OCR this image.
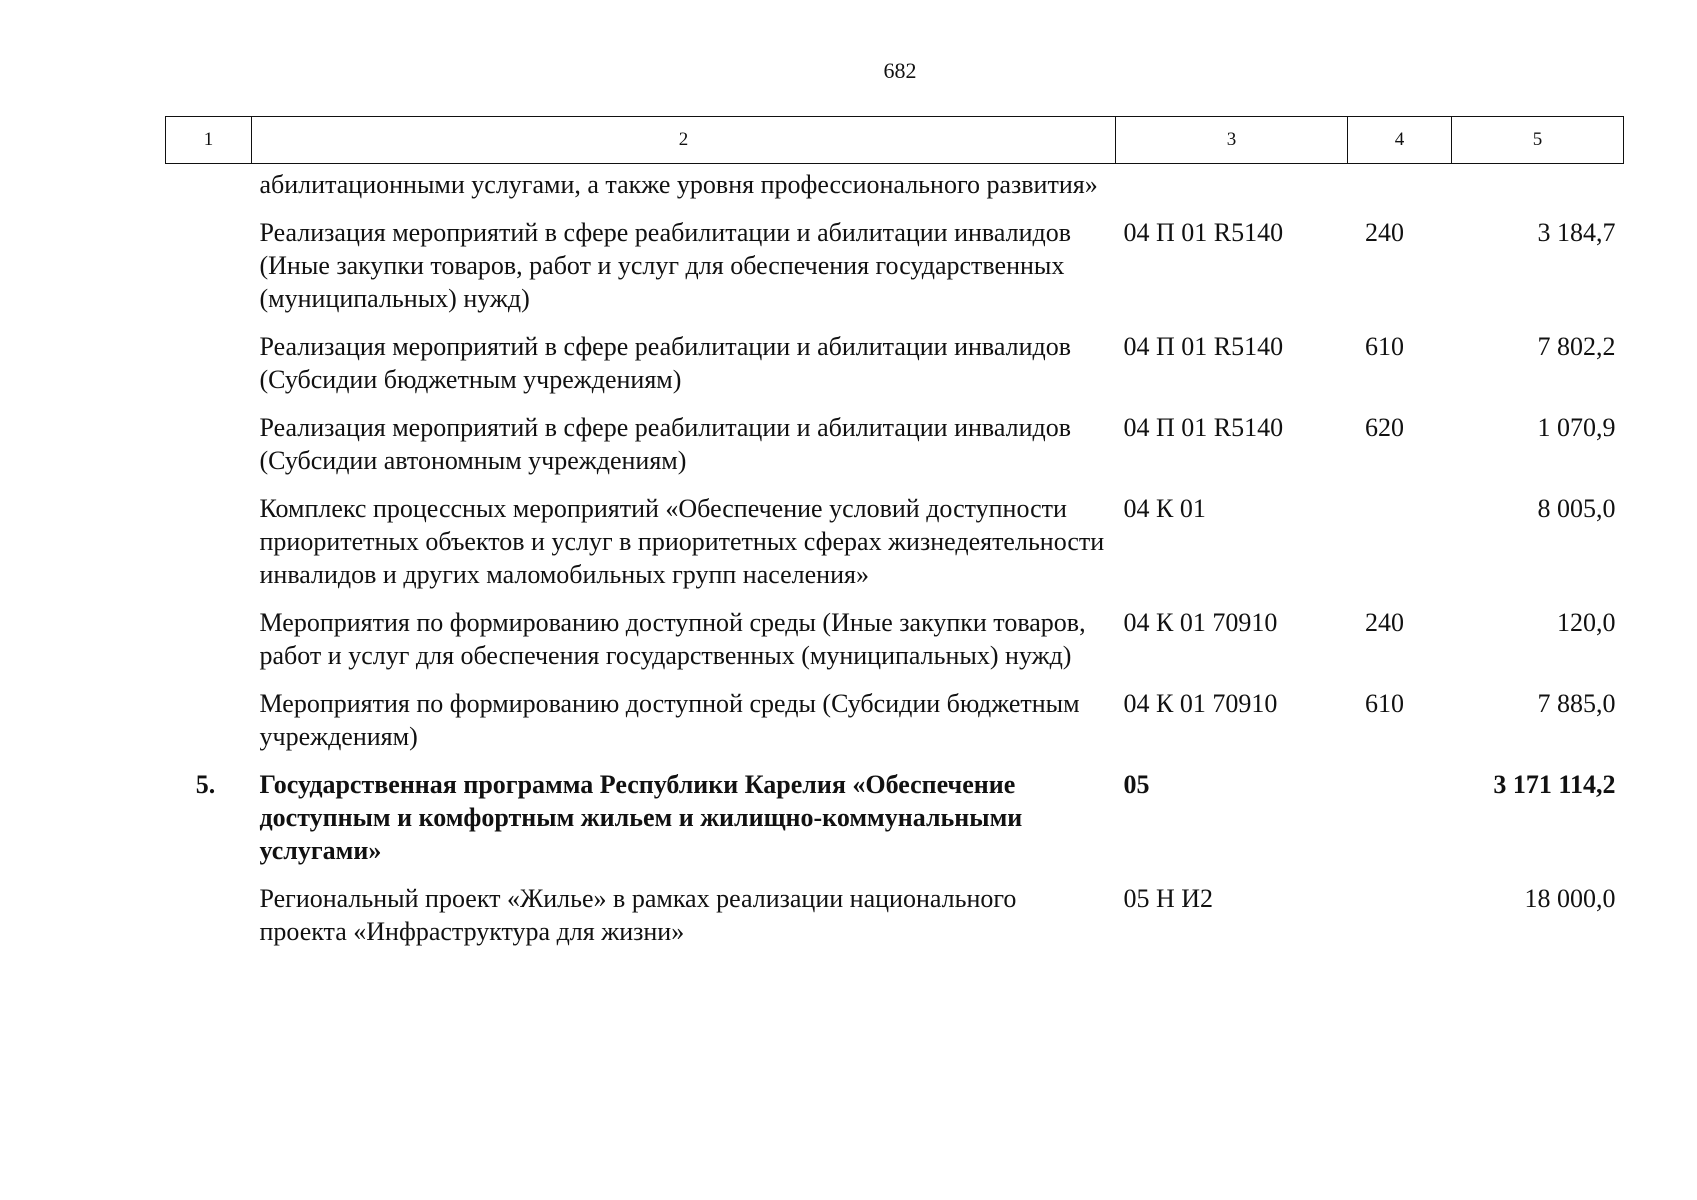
682
1	2	3	4	5
	абилитационными услугами, а также уровня профессионального развития»			
	Реализация мероприятий в сфере реабилитации и абилитации инвалидов (Иные закупки товаров, работ и услуг для обеспечения государственных (муниципальных) нужд)	04 П 01 R5140	240	3 184,7
	Реализация мероприятий в сфере реабилитации и абилитации инвалидов (Субсидии бюджетным учреждениям)	04 П 01 R5140	610	7 802,2
	Реализация мероприятий в сфере реабилитации и абилитации инвалидов (Субсидии автономным учреждениям)	04 П 01 R5140	620	1 070,9
	Комплекс процессных мероприятий «Обеспечение условий доступности приоритетных объектов и услуг в приоритетных сферах жизнедеятельности инвалидов и других маломобильных групп населения»	04 К 01		8 005,0
	Мероприятия по формированию доступной среды (Иные закупки товаров, работ и услуг для обеспечения государственных (муниципальных) нужд)	04 К 01 70910	240	120,0
	Мероприятия по формированию доступной среды (Субсидии бюджетным учреждениям)	04 К 01 70910	610	7 885,0
5.	Государственная программа Республики Карелия «Обеспечение доступным и комфортным жильем и жилищно-коммунальными услугами»	05		3 171 114,2
	Региональный проект «Жилье» в рамках реализации национального проекта «Инфраструктура для жизни»	05 Н И2		18 000,0
